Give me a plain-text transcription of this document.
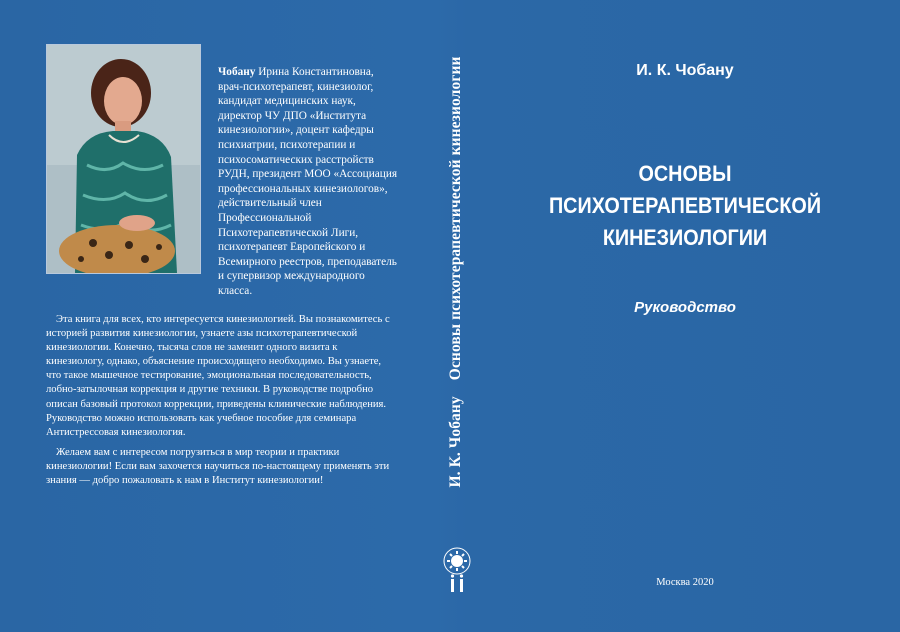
Чобану Ирина Константиновна, врач-психотерапевт, кинезиолог, кандидат медицинских наук, директор ЧУ ДПО «Института кинезиологии», доцент кафедры психиатрии, психотерапии и психосоматических расстройств РУДН, президент МОО «Ассоциация профессиональных кинезиологов», действительный член Профессиональной Психотерапевтической Лиги, психотерапевт Европейского и Всемирного реестров, преподаватель и супервизор международного класса.

Эта книга для всех, кто интересуется кинезиологией. Вы познакомитесь с историей развития кинезиологии, узнаете азы психотерапевтической кинезиологии. Конечно, тысяча слов не заменит одного визита к кинезиологу, однако, объяснение происходящего необходимо. Вы узнаете, что такое мышечное тестирование, эмоциональная последовательность, лобно-затылочная коррекция и другие техники. В руководстве подробно описан базовый протокол коррекции, приведены клинические наблюдения. Руководство можно использовать как учебное пособие для семинара Антистрессовая кинезиология.

Желаем вам с интересом погрузиться в мир теории и практики кинезиологии! Если вам захочется научиться по-настоящему применять эти знания — добро пожаловать к нам в Институт кинезиологии!	И. К. ЧобануОсновы психотерапевтической кинезиологии	И. К. Чобану
ОСНОВЫ
ПСИХОТЕРАПЕВТИЧЕСКОЙ
КИНЕЗИОЛОГИИ
Руководство
Москва 2020
